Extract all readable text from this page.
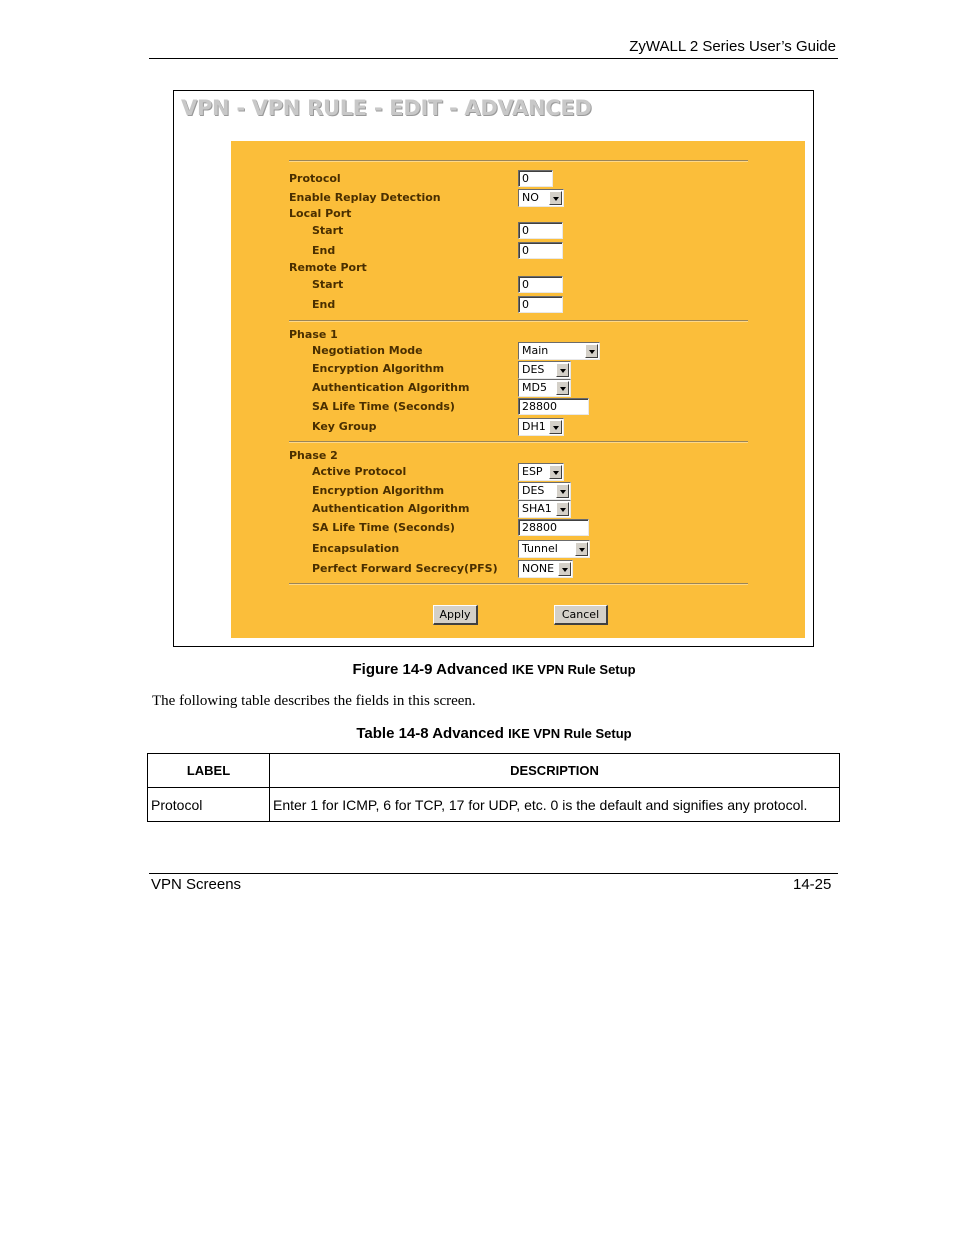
ZyWALL 2 Series User’s Guide
VPN - VPN RULE - EDIT - ADVANCED
Protocol	0
Enable Replay Detection	NO
Local Port
Start	0
End	0
Remote Port
Start	0
End	0
Phase 1
Negotiation Mode	Main
Encryption Algorithm	DES
Authentication Algorithm	MD5
SA Life Time (Seconds)	28800
Key Group	DH1
Phase 2
Active Protocol	ESP
Encryption Algorithm	DES
Authentication Algorithm	SHA1
SA Life Time (Seconds)	28800
Encapsulation	Tunnel
Perfect Forward Secrecy(PFS)	NONE
Apply	Cancel
Figure 14-9 Advanced IKE VPN Rule Setup
The following table describes the fields in this screen.
Table 14-8 Advanced IKE VPN Rule Setup
LABEL	DESCRIPTION
Protocol	Enter 1 for ICMP, 6 for TCP, 17 for UDP, etc. 0 is the default and signifies any protocol.
VPN Screens	14-25
